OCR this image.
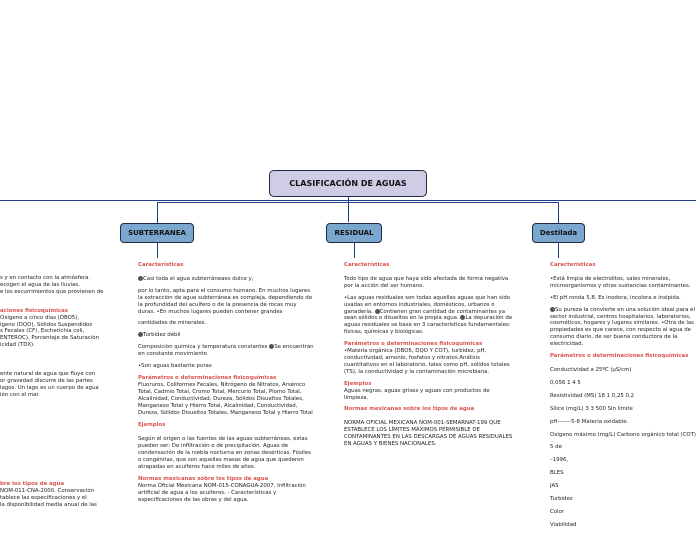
CLASIFICACIÓN DE AGUAS
SUBTERRANEA	RESIDUAL	Destilada

s y en contacto con la atmósfera.

ecogen el agua de las lluvias,

e los escurrimientos que provienen de

aciones fisicoquímicas

Oxígeno a cinco días (DBO5),

igeno (DQO), Sólidos Suspendidos

s Fecales (CF), Escherichia coli,

ENTEROC), Porcentaje de Saturación

icidad (TDX).

ente natural de agua que fluye con

or gravedad discurre de las partes

lagos. Un lago es un cuerpo de agua

ión con el mar.

bre los tipos de agua

NOM-011-CNA-2000. Conservación

tablece las especificaciones y el

la disponibilidad media anual de las

Características

Casi toda el agua subterráneaes dulce y,

por lo tanto, apta para el consumo humano. En muchos lugares la extracción de agua subterránea es compleja, dependiendo de la profundidad del acuífero o de la presencia de rocas muy duras. •En muchos lugares pueden contener grandes

cantidades de minerales.

Turbidez débil

Composición química y temperatura constantes Se encuentran en constante movimiento

•Son aguas bastante puras

Parámetros o determinaciones fisicoquímicas

Fluoruros, Coliformes Fecales, Nitrógeno de Nitratos, Arsénico Total, Cadmio Total, Cromo Total, Mercurio Total, Plomo Total, Alcalinidad, Conductividad, Dureza, Sólidos Disueltos Totales, Manganeso Total y Hierro Total, Alcalinidad, Conductividad, Dureza, Sólidos Disueltos Totales, Manganeso Total y Hierro Total

Ejemplos

Según el origen o las fuentes de las aguas subterráneas, estas pueden ser: De infiltración o de precipitación. Aguas de condensación de la niebla nocturna en zonas desérticas. Fósiles o congénitas, que son aquellas masas de agua que quedaron atrapadas en acuíferos hace miles de años.

Normas mexicanas sobre los tipos de agua

Norma Oficial Mexicana NOM-015-CONAGUA-2007, Infiltración artificial de agua a los acuíferos. - Características y especificaciones de las obras y del agua.

Características

Todo tipo de agua que haya sido afectada de forma negativa por la acción del ser humano.

•Las aguas residuales son todas aquellas aguas que han sido usadas en entornos industriales, domésticos, urbanos o ganadería. Contienen gran cantidad de contaminantes ya sean sólidos o disueltos en la propia agua. La depuración de aguas residuales se basa en 3 características fundamentales: físicas, químicas y biológicas.

Parámetros o determinaciones fisicoquímicas

•Materia orgánica (DBO5, DQO Y COT), turbidez, pH, conductividad, amonio, fosfatos y nitratos.Análisis cuantitativos en el laboratorio, tales como pH, sólidos totales (TS), la conductividad y la contaminación microbiana.

Ejemplos

Aguas negras, aguas grises y aguas con productos de limpieza.

Normas mexicanas sobre los tipos de agua

NORMA OFICIAL MEXICANA NOM-001-SEMARNAT-199 QUE ESTABLECE LOS LÍMITES MÁXIMOS PERMISIBLE DE CONTAMINANTES EN LAS DESCARGAS DE AGUAS RESIDUALES EN AGUAS Y BIENES NACIONALES.

Características

•Está limpia de electrolitos, sales minerales, microorganismos y otras sustancias contaminantes.

•El pH ronda 5,8. Es inodora, incolora e insípida.

Su pureza la convierte en una solución ideal para el sector industrial, centros hospitalarios, laboratorios, cosméticos, hogares y lugares similares. •Otra de las propiedades es que carece, con respecto al agua de consumo diario, de ser buena conductora de la electricidad.

Parámetros o determinaciones fisicoquímicas

Conductividad a 25ºC (µS/cm)

0,056 1 4 5

Resistividad (MS) 18 1 0,25 0,2

Sílice (mg/L) 3 3 500 Sin límite

pH-------5-8 Materia oxidable.

Oxígeno máximo (mg/L) Carbono orgánico total (COT)

5 de

–1996,

BLES

JAS

Turbidez

Color

Viabilidad
